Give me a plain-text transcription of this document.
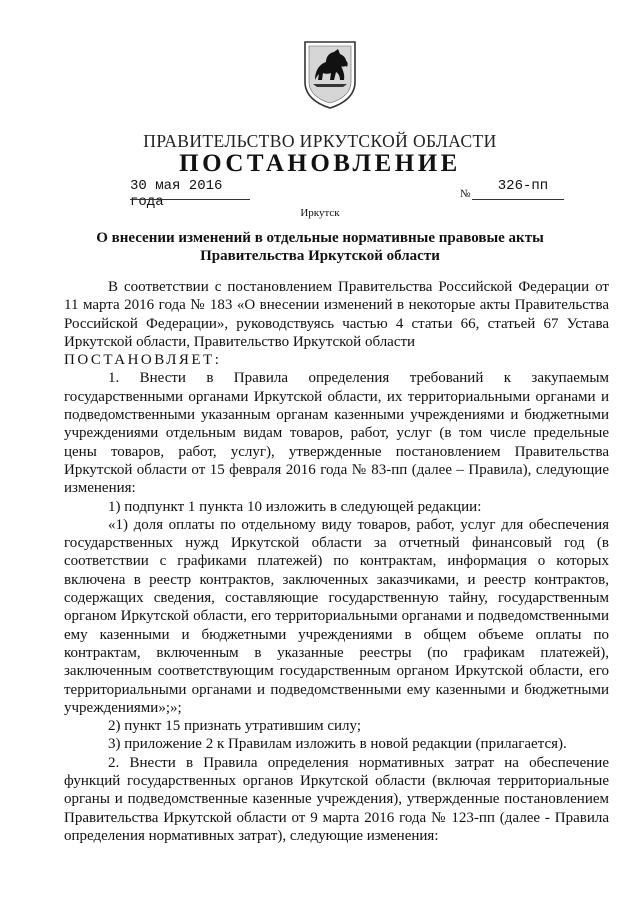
ПРАВИТЕЛЬСТВО ИРКУТСКОЙ ОБЛАСТИ
ПОСТАНОВЛЕНИЕ
30 мая 2016 года	№	326-пп
Иркутск
О внесении изменений в отдельные нормативные правовые акты
Правительства Иркутской области

В соответствии с постановлением Правительства Российской Федерации от 11 марта 2016 года № 183 «О внесении изменений в некоторые акты Правительства Российской Федерации», руководствуясь частью 4 статьи 66, статьей 67 Устава Иркутской области, Правительство Иркутской области

ПОСТАНОВЛЯЕТ:

1. Внести в Правила определения требований к закупаемым государственными органами Иркутской области, их территориальными органами и подведомственными указанным органам казенными учреждениями и бюджетными учреждениями отдельным видам товаров, работ, услуг (в том числе предельные цены товаров, работ, услуг), утвержденные постановлением Правительства Иркутской области от 15 февраля 2016 года № 83-пп (далее – Правила), следующие изменения:

1) подпункт 1 пункта 10 изложить в следующей редакции:

«1) доля оплаты по отдельному виду товаров, работ, услуг для обеспечения государственных нужд Иркутской области за отчетный финансовый год (в соответствии с графиками платежей) по контрактам, информация о которых включена в реестр контрактов, заключенных заказчиками, и реестр контрактов, содержащих сведения, составляющие государственную тайну, государственным органом Иркутской области, его территориальными органами и подведомственными ему казенными и бюджетными учреждениями в общем объеме оплаты по контрактам, включенным в указанные реестры (по графикам платежей), заключенным соответствующим государственным органом Иркутской области, его территориальными органами и подведомственными ему казенными и бюджетными учреждениями»;»;

2) пункт 15 признать утратившим силу;

3) приложение 2 к Правилам изложить в новой редакции (прилагается).

2. Внести в Правила определения нормативных затрат на обеспечение функций государственных органов Иркутской области (включая территориальные органы и подведомственные казенные учреждения), утвержденные постановлением Правительства Иркутской области от 9 марта 2016 года № 123-пп (далее - Правила определения нормативных затрат), следующие изменения:
